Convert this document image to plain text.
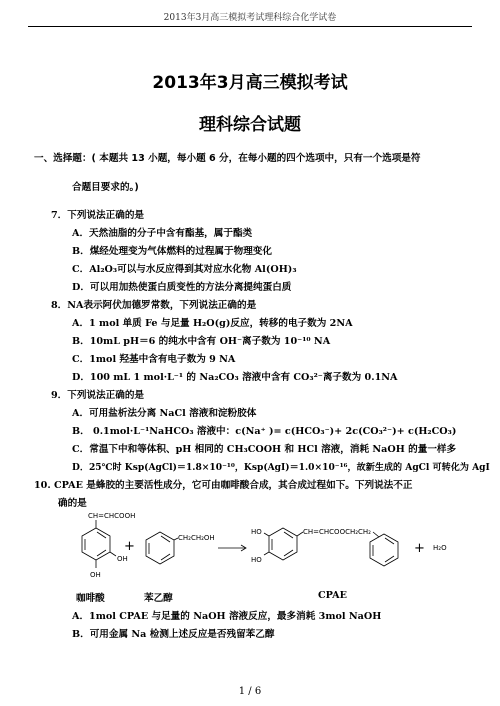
2013年3月高三模拟考试理科综合化学试卷
2013年3月高三模拟考试
理科综合试题
一、选择题：( 本题共 13 小题，每小题 6 分，在每小题的四个选项中，只有一个选项是符
合题目要求的。)
7．下列说法正确的是
A．天然油脂的分子中含有酯基，属于酯类
B．煤经处理变为气体燃料的过程属于物理变化
C．Al₂O₃可以与水反应得到其对应水化物 Al(OH)₃
D．可以用加热使蛋白质变性的方法分离提纯蛋白质
8．NA表示阿伏加德罗常数，下列说法正确的是
A．1 mol 单质 Fe 与足量 H₂O(g)反应，转移的电子数为 2NA
B．10mL pH＝6 的纯水中含有 OH⁻离子数为 10⁻¹⁰ NA
C．1mol 羟基中含有电子数为 9 NA
D．100 mL 1 mol·L⁻¹ 的 Na₂CO₃ 溶液中含有 CO₃²⁻离子数为 0.1NA
9．下列说法正确的是
A．可用盐析法分离 NaCl 溶液和淀粉胶体
B． 0.1mol·L⁻¹NaHCO₃ 溶液中：c(Na⁺ )= c(HCO₃⁻)+ 2c(CO₃²⁻)+ c(H₂CO₃)
C．常温下中和等体积、pH 相同的 CH₃COOH 和 HCl 溶液，消耗 NaOH 的量一样多
D．25℃时 Ksp(AgCl)＝1.8×10⁻¹⁰，Ksp(AgI)＝1.0×10⁻¹⁶，故新生成的 AgCl 可转化为 AgI
10. CPAE 是蜂胶的主要活性成分，它可由咖啡酸合成，其合成过程如下。下列说法不正
确的是
CH=CHCOOH
OH
OH
+
CH₂CH₂OH
HO
HO
CH=CHCOOCH₂CH₂
+ H₂O
咖啡酸	苯乙醇	CPAE
A．1mol CPAE 与足量的 NaOH 溶液反应，最多消耗 3mol NaOH
B．可用金属 Na 检测上述反应是否残留苯乙醇
1 / 6
